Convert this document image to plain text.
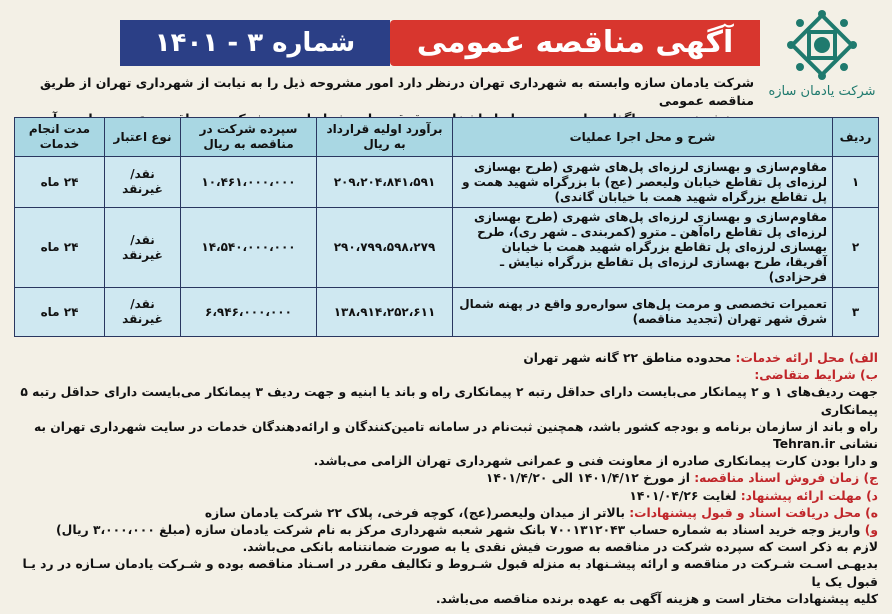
آگهی مناقصه عمومی
شماره ۳ - ۱۴۰۱
شرکت یادمان سازه
شرکت یادمان سازه وابسته به شهرداری تهران درنظر دارد امور مشروحه ذیل را به نیابت از شهرداری تهران از طریق مناقصه عمومی
ردیف	شرح و محل اجرا عملیات	برآورد اولیه قرارداد به ریال	سپرده شرکت در مناقصه به ریال	نوع اعتبار	مدت انجام خدمات
۱	مقاوم‌سازی و بهسازی لرزه‌ای پل‌های شهری (طرح بهسازی لرزه‌ای پل تقاطع خیابان ولیعصر (عج) با بزرگراه شهید همت و پل تقاطع بزرگراه شهید همت با خیابان گاندی)	۲۰۹،۲۰۴،۸۴۱،۵۹۱	۱۰،۴۶۱،۰۰۰،۰۰۰	نقد/ غیرنقد	۲۴ ماه
۲	مقاوم‌سازی و بهسازی لرزه‌ای پل‌های شهری (طرح بهسازی لرزه‌ای پل تقاطع راه‌آهن ـ مترو (کمربندی ـ شهر ری)، طرح بهسازی لرزه‌ای پل تقاطع بزرگراه شهید همت با خیابان آفریقا، طرح بهسازی لرزه‌ای پل تقاطع بزرگراه نیایش ـ فرحزادی)	۲۹۰،۷۹۹،۵۹۸،۲۷۹	۱۴،۵۴۰،۰۰۰،۰۰۰	نقد/ غیرنقد	۲۴ ماه
۳	تعمیرات تخصصی و مرمت پل‌های سواره‌رو واقع در پهنه شمال شرق شهر تهران (تجدید مناقصه)	۱۳۸،۹۱۴،۲۵۲،۶۱۱	۶،۹۴۶،۰۰۰،۰۰۰	نقد/ غیرنقد	۲۴ ماه

الف) محل ارائه خدمات: محدوده مناطق ۲۲ گانه شهر تهران

ب) شرایط متقاضی:

جهت ردیف‌های ۱ و ۲ پیمانکار می‌بایست دارای حداقل رتبه ۲ پیمانکاری راه و باند یا ابنیه و جهت ردیف ۳ پیمانکار می‌بایست دارای حداقل رتبه ۵ پیمانکاری

راه و باند از سازمان برنامه و بودجه کشور باشد، همچنین ثبت‌نام در سامانه تامین‌کنندگان و ارائه‌دهندگان خدمات در سایت شهرداری تهران به نشانی Tehran.ir

و دارا بودن کارت پیمانکاری صادره از معاونت فنی و عمرانی شهرداری تهران الزامی می‌باشد.

ج) زمان فروش اسناد مناقصه: از مورخ ۱۴۰۱/۴/۱۲ الی ۱۴۰۱/۴/۲۰

د) مهلت ارائه پیشنهاد: لغایت ۱۴۰۱/۰۴/۲۶

ه) محل دریافت اسناد و قبول پیشنهادات: بالاتر از میدان ولیعصر(عج)، کوچه فرخی، پلاک ۲۲ شرکت یادمان سازه

و) واریز وجه خرید اسناد به شماره حساب ۷۰۰۱۳۱۲۰۴۳ بانک شهر شعبه شهرداری مرکز به نام شرکت یادمان سازه (مبلغ ۳،۰۰۰،۰۰۰ ریال)

لازم به ذکر است که سپرده شرکت در مناقصه به صورت فیش نقدی یا به صورت ضمانتنامه بانکی می‌باشد.

بدیهـی اسـت شـرکت در مناقصه و ارائه پیشـنهاد به منزله قبول شـروط و تکالیف مقرر در اسـناد مناقصه بوده و شـرکت یادمان سـازه در رد یـا قبول یک یا

کلیه پیشنهادات مختار است و هزینه آگهی به عهده برنده مناقصه می‌باشد.
